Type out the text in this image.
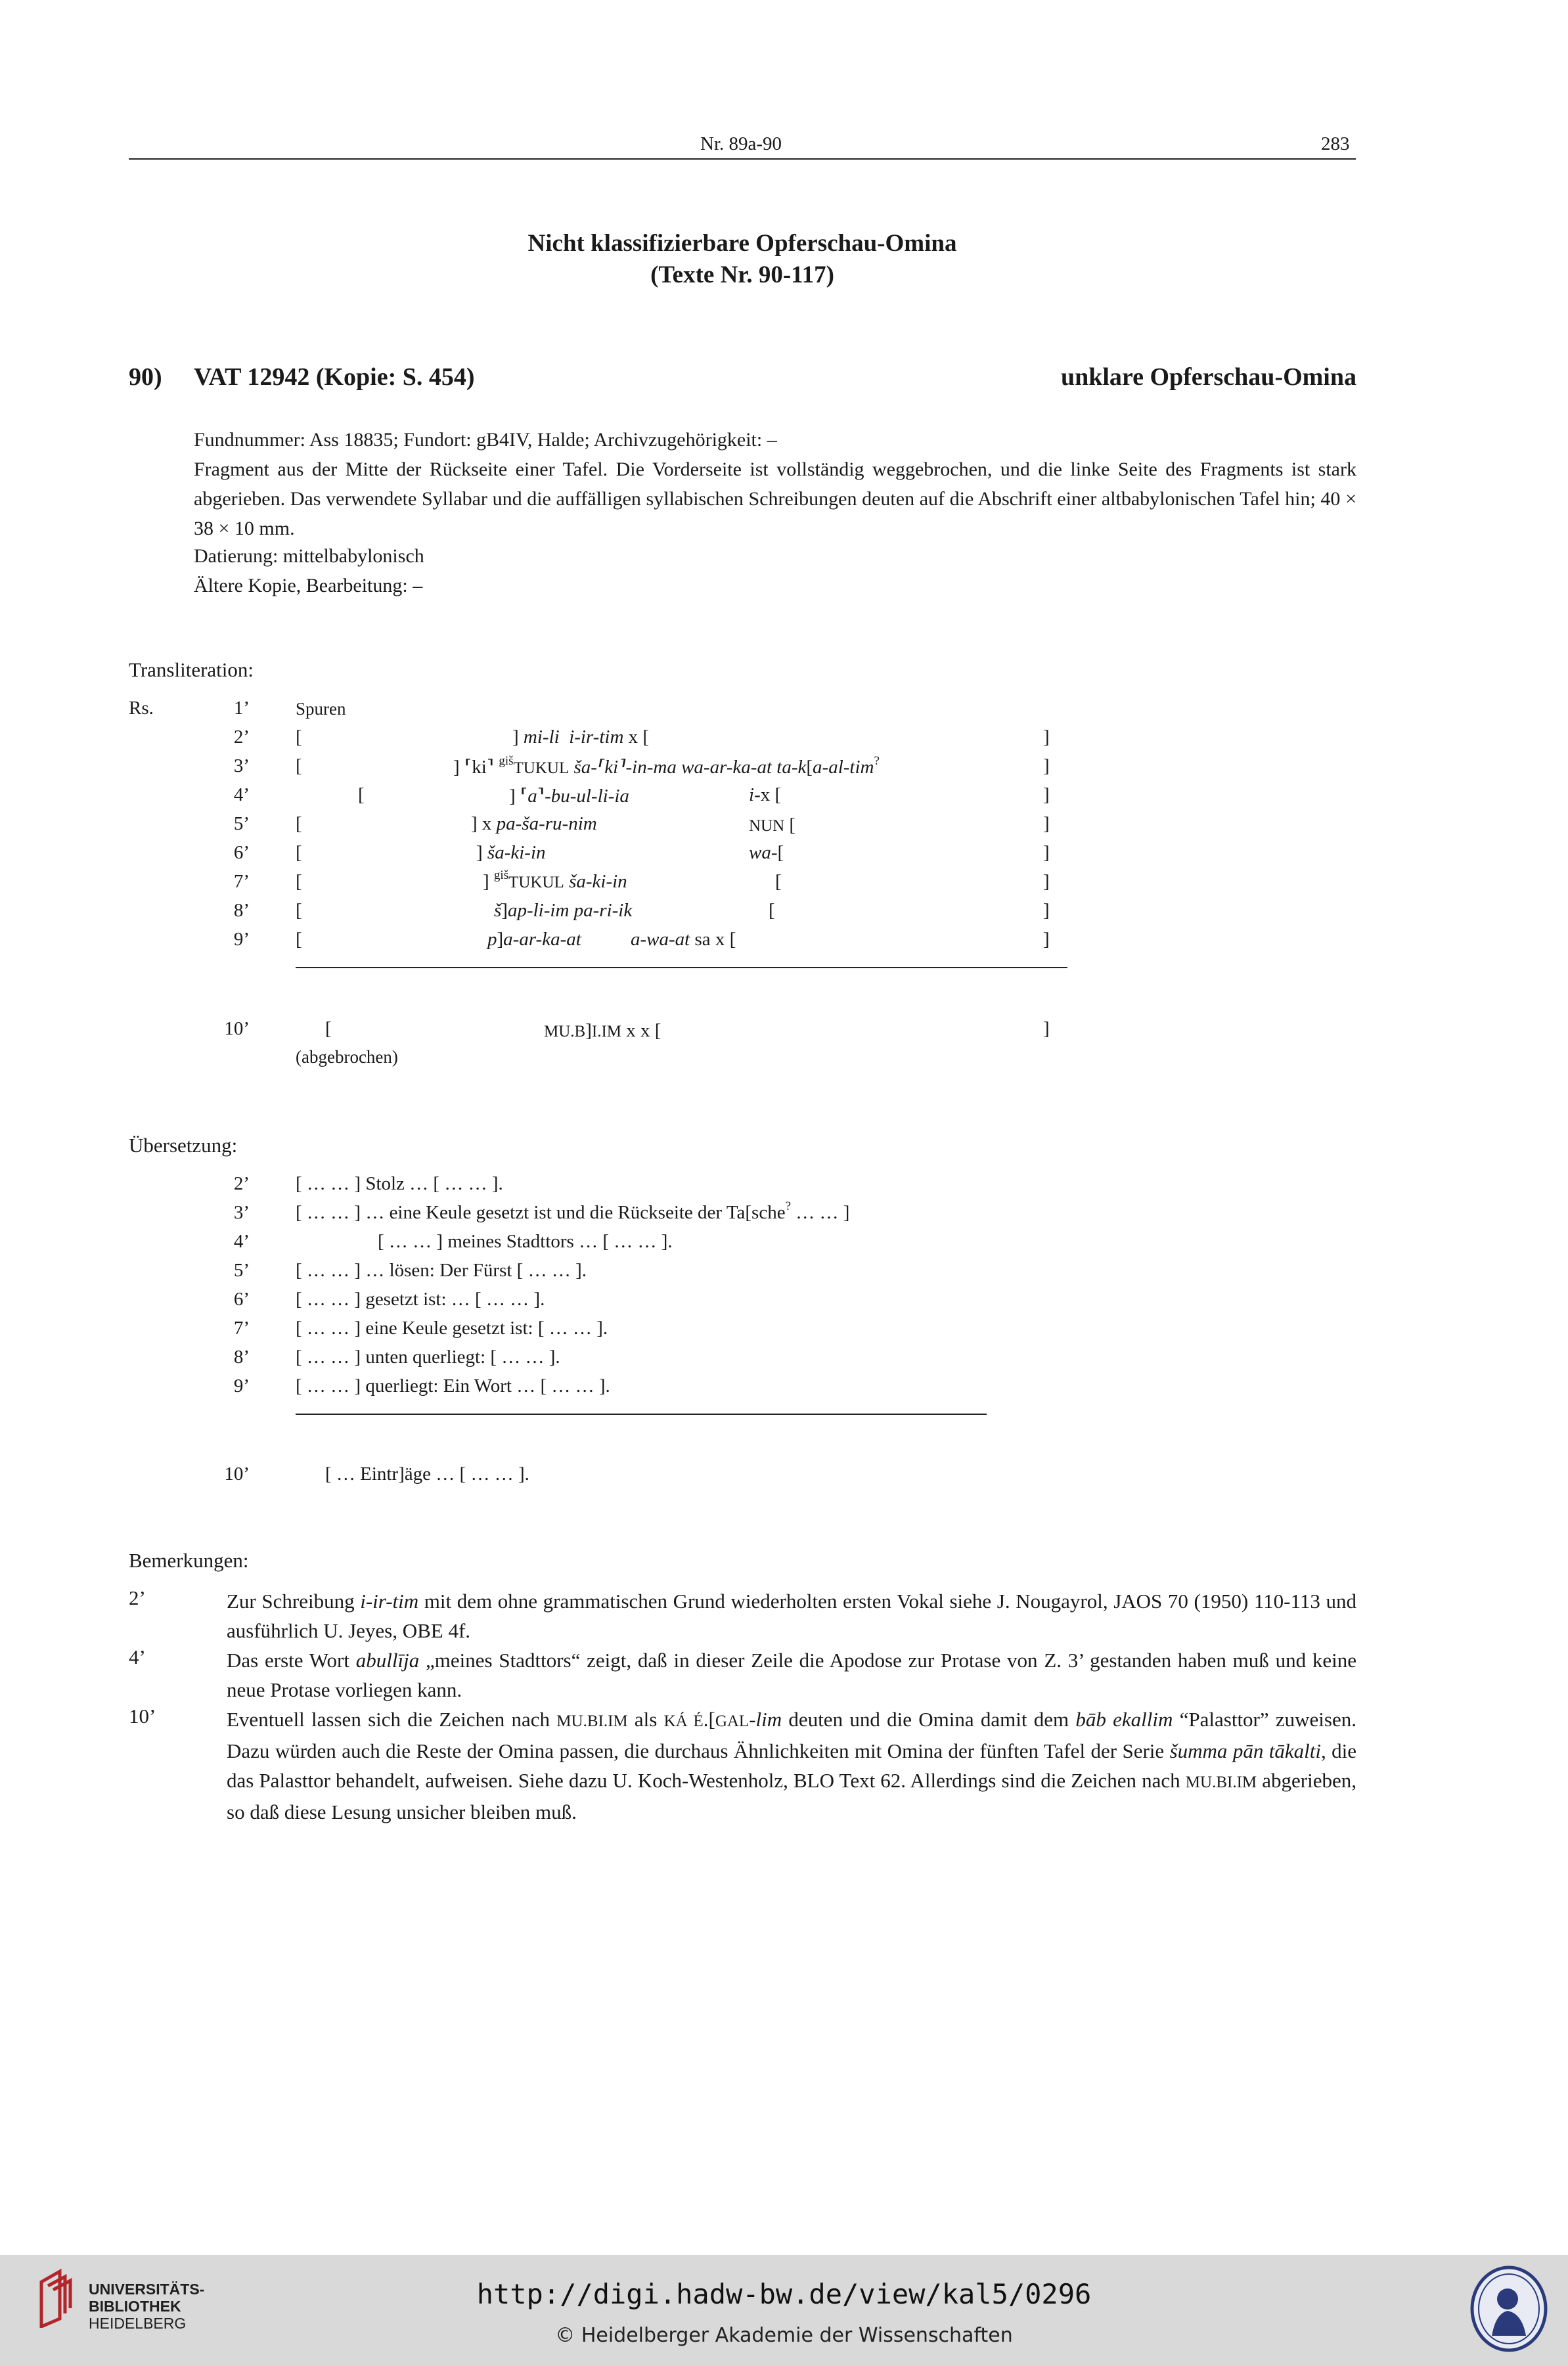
Nr. 89a-90	283
Nicht klassifizierbare Opferschau-Omina
(Texte Nr. 90-117)
90) VAT 12942 (Kopie: S. 454)	unklare Opferschau-Omina
Fundnummer: Ass 18835; Fundort: gB4IV, Halde; Archivzugehörigkeit: –
Fragment aus der Mitte der Rückseite einer Tafel. Die Vorderseite ist vollständig weggebrochen, und die linke Seite des Fragments ist stark abgerieben. Das verwendete Syllabar und die auffälligen syllabischen Schreibungen deuten auf die Abschrift einer altbabylonischen Tafel hin; 40 × 38 × 10 mm.
Datierung: mittelbabylonisch
Ältere Kopie, Bearbeitung: –
Transliteration:
Rs.	1’	Spuren
2’ [	] mi-li i-ir-tim x [	]
3’ [	] ⸢ki⸣ $^{giš}$TUKUL ša-⸢ki⸣-in-ma wa-ar-ka-at ta-k[a-al-tim?	]
4’	[	] ⸢a⸣-bu-ul-li-ia	i-x [	]
5’ [	] x pa-ša-ru-nim	NUN [	]
6’ [	] ša-ki-in	wa-[	]
7’ [	] $^{giš}$TUKUL ša-ki-in	[	]
8’ [	š]ap-li-im pa-ri-ik	[	]
9’ [	p]a-ar-ka-at	a-wa-at sa x [	]
10’	[	MU.B]I.IM x x [	]
(abgebrochen)
Übersetzung:
2’ [ … … ] Stolz … [ … … ].
3’ [ … … ] … eine Keule gesetzt ist und die Rückseite der Ta[sche? … … ]
4’	[ … … ] meines Stadttors … [ … … ].
5’ [ … … ] … lösen: Der Fürst [ … … ].
6’ [ … … ] gesetzt ist: … [ … … ].
7’ [ … … ] eine Keule gesetzt ist: [ … … ].
8’ [ … … ] unten querliegt: [ … … ].
9’ [ … … ] querliegt: Ein Wort … [ … … ].
10’	[ … Eintr]äge … [ … … ].
Bemerkungen:
2’	Zur Schreibung i-ir-tim mit dem ohne grammatischen Grund wiederholten ersten Vokal siehe J. Nougayrol, JAOS 70 (1950) 110-113 und ausführlich U. Jeyes, OBE 4f.
4’	Das erste Wort abullīja „meines Stadttors“ zeigt, daß in dieser Zeile die Apodose zur Protase von Z. 3’ gestanden haben muß und keine neue Protase vorliegen kann.
10’	Eventuell lassen sich die Zeichen nach MU.BI.IM als KÁ É.[GAL-lim deuten und die Omina damit dem bāb ekallim “Palasttor” zuweisen. Dazu würden auch die Reste der Omina passen, die durchaus Ähnlichkeiten mit Omina der fünften Tafel der Serie šumma pān tākalti, die das Palasttor behandelt, aufweisen. Siehe dazu U. Koch-Westenholz, BLO Text 62. Allerdings sind die Zeichen nach MU.BI.IM abgerieben, so daß diese Lesung unsicher bleiben muß.
UNIVERSITÄTS-
BIBLIOTHEK
HEIDELBERG
http://digi.hadw-bw.de/view/kal5/0296
© Heidelberger Akademie der Wissenschaften
